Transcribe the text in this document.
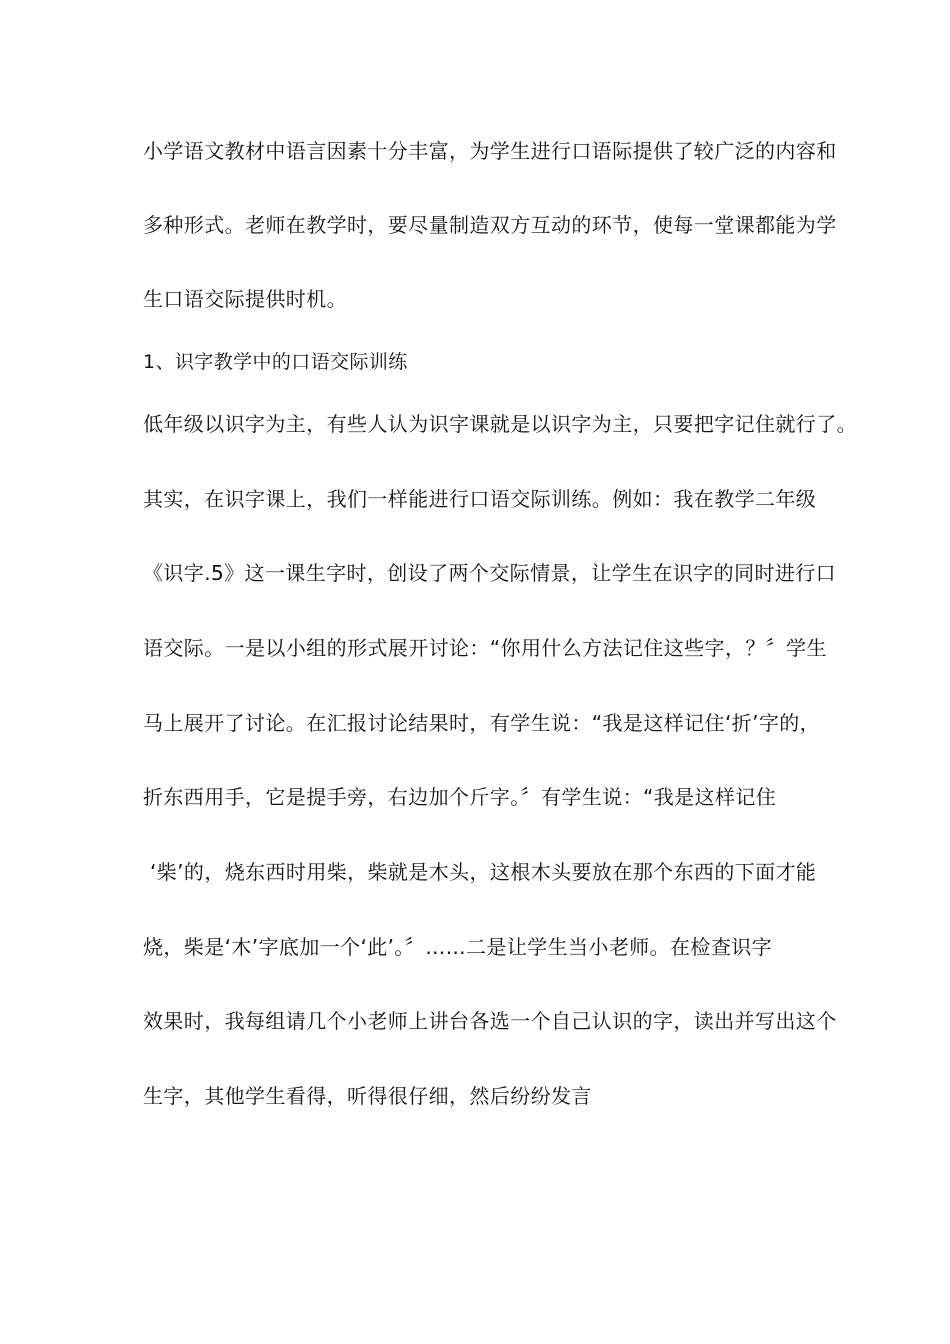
小学语文教材中语言因素十分丰富，为学生进行口语际提供了较广泛的内容和
多种形式。老师在教学时，要尽量制造双方互动的环节，使每一堂课都能为学
生口语交际提供时机。
1、识字教学中的口语交际训练
低年级以识字为主，有些人认为识字课就是以识字为主，只要把字记住就行了。
其实，在识字课上，我们一样能进行口语交际训练。例如：我在教学二年级
《识字.5》这一课生字时，创设了两个交际情景，让学生在识字的同时进行口
语交际。一是以小组的形式展开讨论：“你用什么方法记住这些字，？〞学生
马上展开了讨论。在汇报讨论结果时，有学生说：“我是这样记住‘折’字的，
折东西用手，它是提手旁，右边加个斤字。〞有学生说：“我是这样记住
‘柴’的，烧东西时用柴，柴就是木头，这根木头要放在那个东西的下面才能
烧，柴是‘木’字底加一个‘此’。〞……二是让学生当小老师。在检查识字
效果时，我每组请几个小老师上讲台各选一个自己认识的字，读出并写出这个
生字，其他学生看得，听得很仔细，然后纷纷发言
